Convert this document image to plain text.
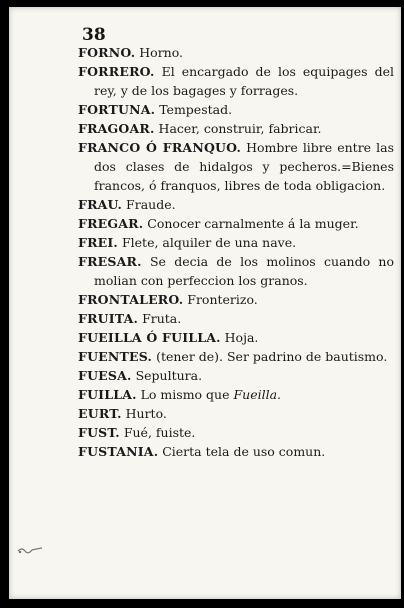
38

FORNO. Horno.
FORRERO. El encargado de los equipages del rey, y de los bagages y forrages.
FORTUNA. Tempestad.
FRAGOAR. Hacer, construir, fabricar.
FRANCO Ó FRANQUO. Hombre libre entre las dos clases de hidalgos y pecheros.=Bienes francos, ó franquos, libres de toda obligacion.
FRAU. Fraude.
FREGAR. Conocer carnalmente á la muger.
FREI. Flete, alquiler de una nave.
FRESAR. Se decia de los molinos cuando no molian con perfeccion los granos.
FRONTALERO. Fronterizo.
FRUITA. Fruta.
FUEILLA Ó FUILLA. Hoja.
FUENTES. (tener de). Ser padrino de bautismo.
FUESA. Sepultura.
FUILLA. Lo mismo que Fueilla.
EURT. Hurto.
FUST. Fué, fuiste.
FUSTANIA. Cierta tela de uso comun.
